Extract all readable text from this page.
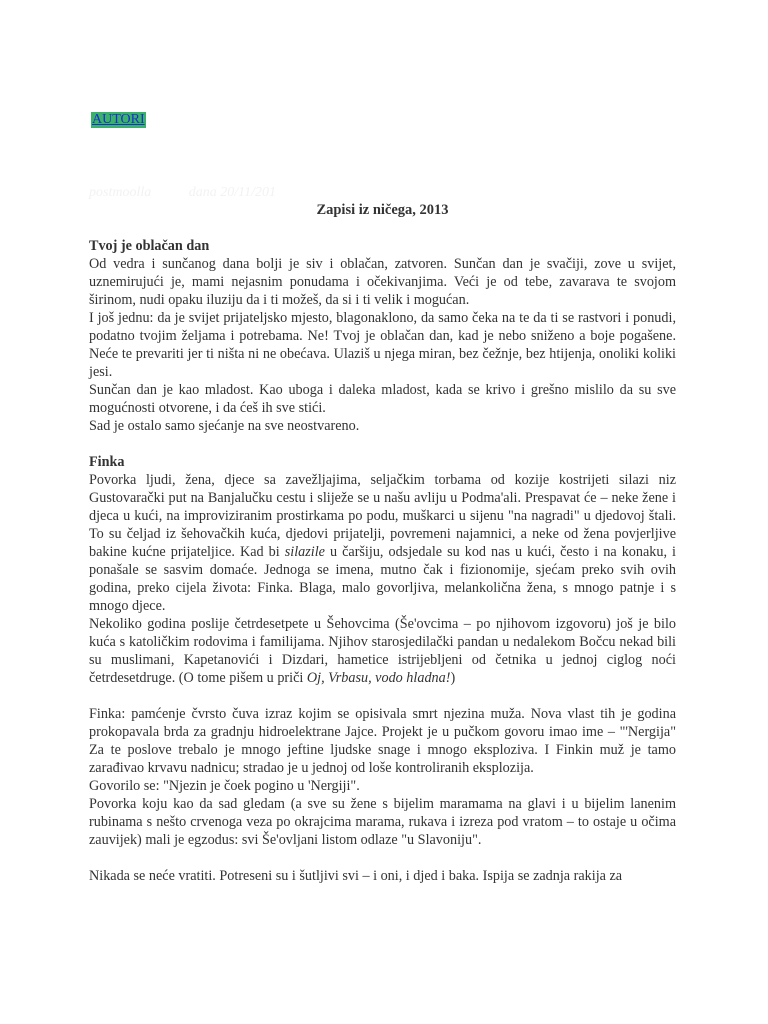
AUTORI
postmoolla	dana 20/11/201
Zapisi iz ničega, 2013
Tvoj je oblačan dan

Od vedra i sunčanog dana bolji je siv i oblačan, zatvoren. Sunčan dan je svačiji, zove u svijet, uznemirujući je, mami nejasnim ponudama i očekivanjima. Veći je od tebe, zavarava te svojom širinom, nudi opaku iluziju da i ti možeš, da si i ti velik i mogućan.

I još jednu: da je svijet prijateljsko mjesto, blagonaklono, da samo čeka na te da ti se rastvori i ponudi, podatno tvojim željama i potrebama. Ne! Tvoj je oblačan dan, kad je nebo sniženo a boje pogašene. Neće te prevariti jer ti ništa ni ne obećava. Ulaziš u njega miran, bez čežnje, bez htijenja, onoliki koliki jesi.

Sunčan dan je kao mladost. Kao uboga i daleka mladost, kada se krivo i grešno mislilo da su sve mogućnosti otvorene, i da ćeš ih sve stići.

Sad je ostalo samo sjećanje na sve neostvareno.

Finka

Povorka ljudi, žena, djece sa zavežljajima, seljačkim torbama od kozije kostrijeti silazi niz Gustovarački put na Banjalučku cestu i sliježe se u našu avliju u Podma'ali. Prespavat će – neke žene i djeca u kući, na improviziranim prostirkama po podu, muškarci u sijenu "na nagradi" u djedovoj štali. To su čeljad iz šehovačkih kuća, djedovi prijatelji, povremeni najamnici, a neke od žena povjerljive bakine kućne prijateljice. Kad bi silazile u čaršiju, odsjedale su kod nas u kući, često i na konaku, i ponašale se sasvim domaće. Jednoga se imena, mutno čak i fizionomije, sjećam preko svih ovih godina, preko cijela života: Finka. Blaga, malo govorljiva, melankolična žena, s mnogo patnje i s mnogo djece.

Nekoliko godina poslije četrdesetpete u Šehovcima (Še'ovcima – po njihovom izgovoru) još je bilo kuća s katoličkim rodovima i familijama. Njihov starosjedilački pandan u nedalekom Bočcu nekad bili su muslimani, Kapetanovići i Dizdari, hametice istrijebljeni od četnika u jednoj ciglog noći četrdesetdruge. (O tome pišem u priči Oj, Vrbasu, vodo hladna!)

Finka: pamćenje čvrsto čuva izraz kojim se opisivala smrt njezina muža. Nova vlast tih je godina prokopavala brda za gradnju hidroelektrane Jajce. Projekt je u pučkom govoru imao ime – "'Nergija" Za te poslove trebalo je mnogo jeftine ljudske snage i mnogo eksploziva. I Finkin muž je tamo zarađivao krvavu nadnicu; stradao je u jednoj od loše kontroliranih eksplozija.

Govorilo se: "Njezin je čoek pogino u 'Nergiji".

Povorka koju kao da sad gledam (a sve su žene s bijelim maramama na glavi i u bijelim lanenim rubinama s nešto crvenoga veza po okrajcima marama, rukava i izreza pod vratom – to ostaje u očima zauvijek) mali je egzodus: svi Še'ovljani listom odlaze "u Slavoniju".

Nikada se neće vratiti. Potreseni su i šutljivi svi – i oni, i djed i baka. Ispija se zadnja rakija za
